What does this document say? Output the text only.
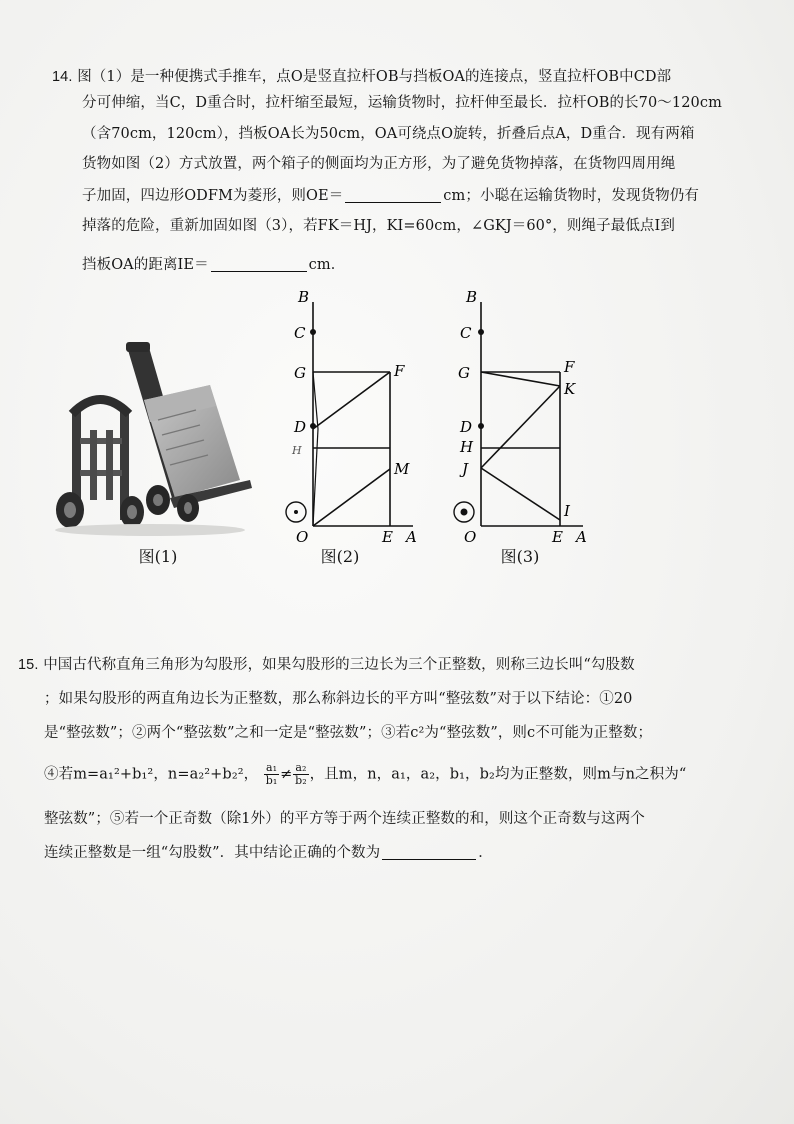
14. 图（1）是一种便携式手推车，点O是竖直拉杆OB与挡板OA的连接点，竖直拉杆OB中CD部
分可伸缩，当C，D重合时，拉杆缩至最短，运输货物时，拉杆伸至最长．拉杆OB的长70～120cm
（含70cm，120cm），挡板OA长为50cm，OA可绕点O旋转，折叠后点A，D重合．现有两箱
货物如图（2）方式放置，两个箱子的侧面均为正方形，为了避免货物掉落，在货物四周用绳
子加固，四边形ODFM为菱形，则OE＝	cm；小聪在运输货物时，发现货物仍有
掉落的危险，重新加固如图（3），若FK＝HJ，KI=60cm，∠GKJ＝60°，则绳子最低点I到
挡板OA的距离IE＝	cm．
B
C
G	F
D
H
M
O	E A
B
C
G	F
K
D
H
J
I
O	E A
图(1)	图(2)	图(3)
15. 中国古代称直角三角形为勾股形，如果勾股形的三边长为三个正整数，则称三边长叫“勾股数
；如果勾股形的两直角边长为正整数，那么称斜边长的平方叫“整弦数”对于以下结论：①20
是“整弦数”；②两个“整弦数”之和一定是“整弦数”；③若c²为“整弦数”，则c不可能为正整数；
④若m=a₁²+b₁²，n=a₂²+b₂²， $\frac{\text{a₁}}{\text{b₁}} \ne \frac{\text{a₂}}{\text{b₂}}$ ，且m，n，a₁，a₂，b₁，b₂均为正整数，则m与n之积为“
整弦数”；⑤若一个正奇数（除1外）的平方等于两个连续正整数的和，则这个正奇数与这两个
连续正整数是一组“勾股数”．其中结论正确的个数为	．
